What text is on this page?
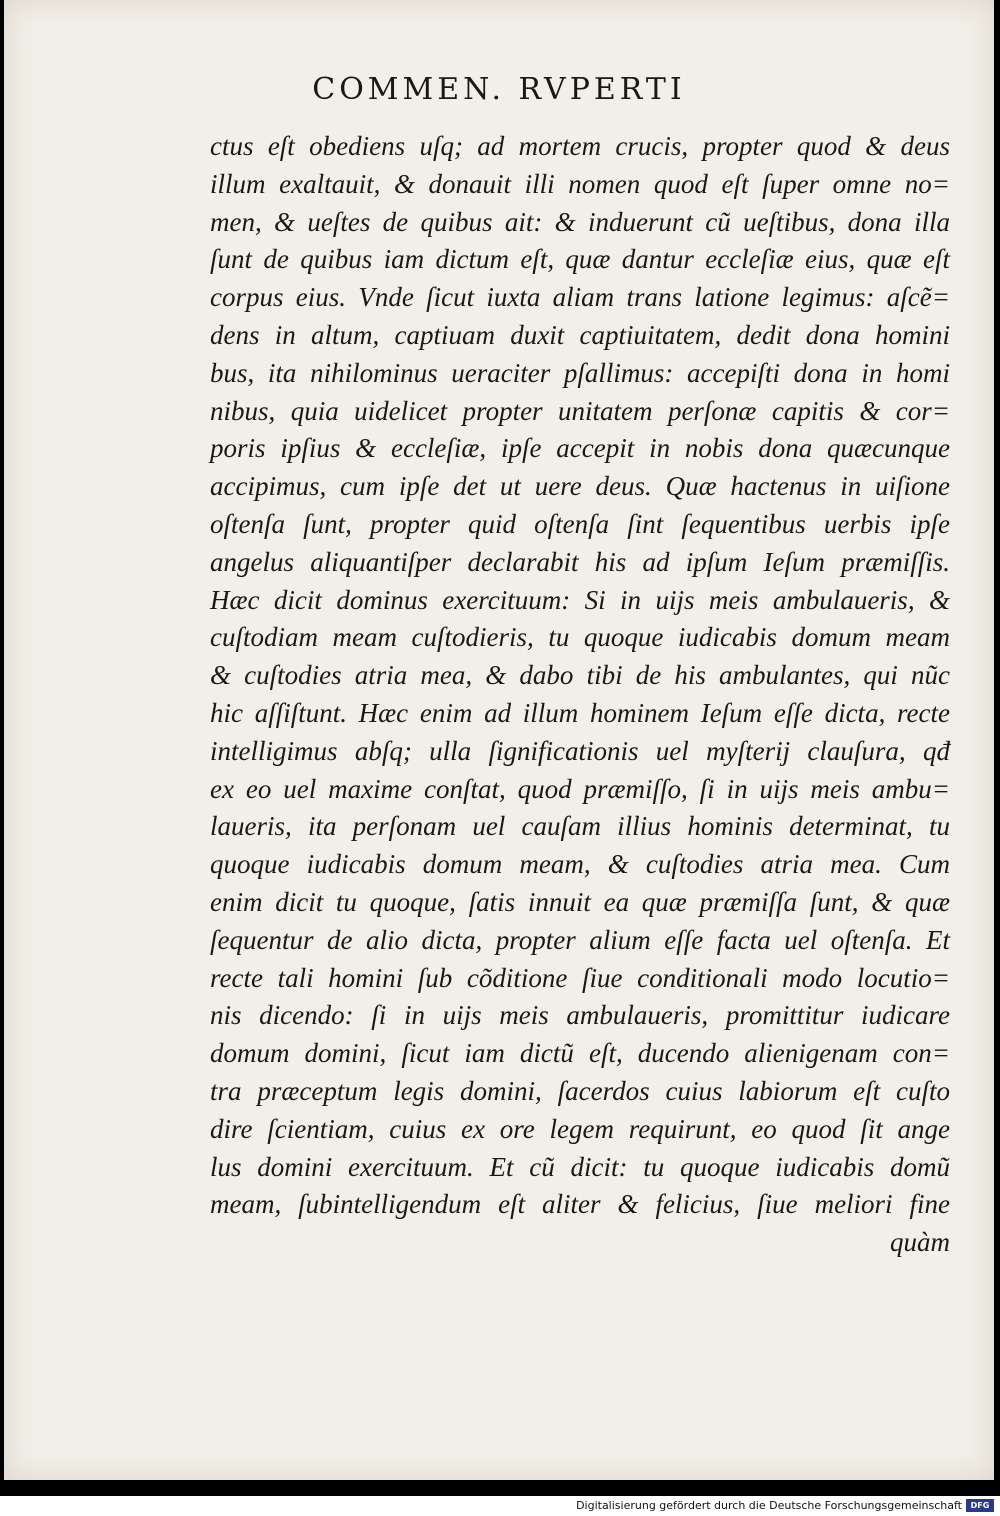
COMMEN. RVPERTI
ctus eſt obediens uſq; ad mortem crucis, propter quod & deus
illum exaltauit, & donauit illi nomen quod eſt ſuper omne no=
men, & ueſtes de quibus ait: & induerunt cũ ueſtibus, dona illa
ſunt de quibus iam dictum eſt, quæ dantur eccleſiæ eius, quæ eſt
corpus eius. Vnde ſicut iuxta aliam trans latione legimus: aſcẽ=
dens in altum, captiuam duxit captiuitatem, dedit dona homini
bus, ita nihilominus ueraciter pſallimus: accepiſti dona in homi
nibus, quia uidelicet propter unitatem perſonæ capitis & cor=
poris ipſius & eccleſiæ, ipſe accepit in nobis dona quæcunque
accipimus, cum ipſe det ut uere deus. Quæ hactenus in uiſione
oſtenſa ſunt, propter quid oſtenſa ſint ſequentibus uerbis ipſe
angelus aliquantiſper declarabit his ad ipſum Ieſum præmiſſis.
Hæc dicit dominus exercituum: Si in uijs meis ambulaueris, &
cuſtodiam meam cuſtodieris, tu quoque iudicabis domum meam
& cuſtodies atria mea, & dabo tibi de his ambulantes, qui nũc
hic aſſiſtunt. Hæc enim ad illum hominem Ieſum eſſe dicta, recte
intelligimus abſq; ulla ſignificationis uel myſterij clauſura, qđ
ex eo uel maxime conſtat, quod præmiſſo, ſi in uijs meis ambu=
laueris, ita perſonam uel cauſam illius hominis determinat, tu
quoque iudicabis domum meam, & cuſtodies atria mea. Cum
enim dicit tu quoque, ſatis innuit ea quæ præmiſſa ſunt, & quæ
ſequentur de alio dicta, propter alium eſſe facta uel oſtenſa. Et
recte tali homini ſub cõditione ſiue conditionali modo locutio=
nis dicendo: ſi in uijs meis ambulaueris, promittitur iudicare
domum domini, ſicut iam dictũ eſt, ducendo alienigenam con=
tra præceptum legis domini, ſacerdos cuius labiorum eſt cuſto
dire ſcientiam, cuius ex ore legem requirunt, eo quod ſit ange
lus domini exercituum. Et cũ dicit: tu quoque iudicabis domũ
meam, ſubintelligendum eſt aliter & felicius, ſiue meliori fine
quàm
Digitalisierung gefördert durch die Deutsche Forschungsgemeinschaft	DFG
